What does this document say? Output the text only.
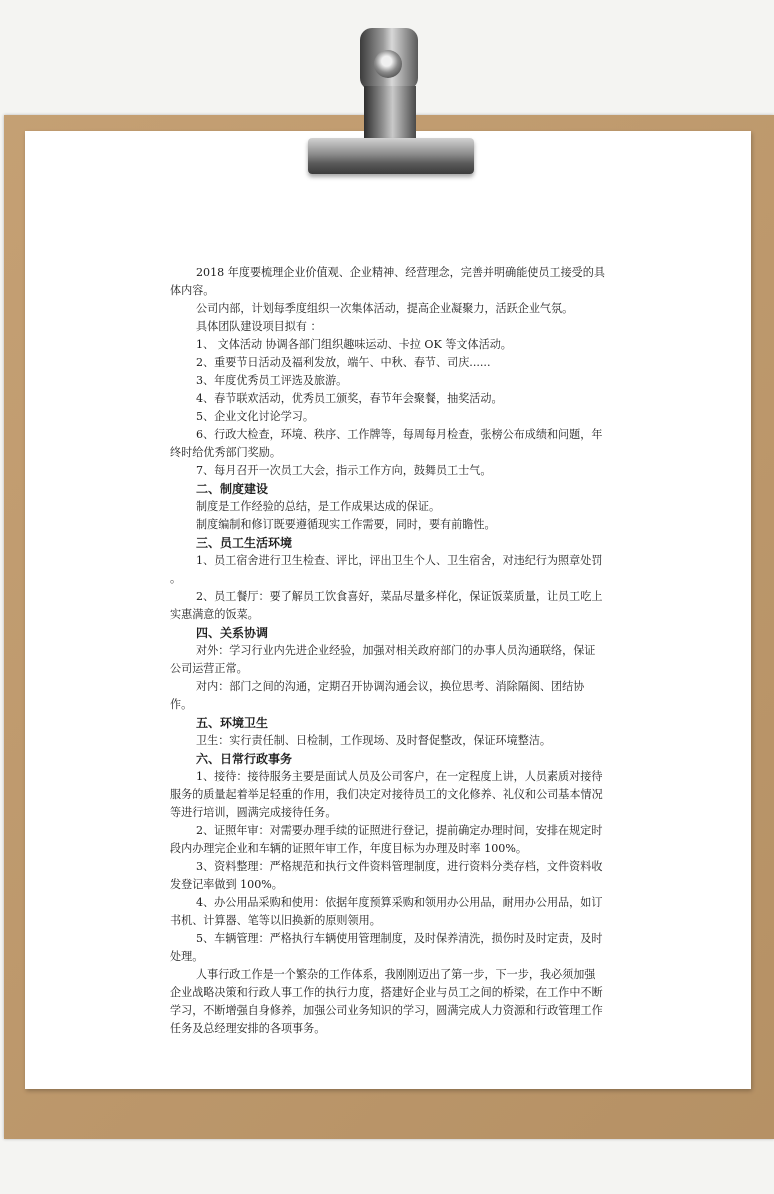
2018 年度要梳理企业价值观、企业精神、经营理念，完善并明确能使员工接受的具体内容。

公司内部，计划每季度组织一次集体活动，提高企业凝聚力，活跃企业气氛。

具体团队建设项目拟有 ：

1、 文体活动 协调各部门组织趣味运动、卡拉 OK 等文体活动。

2、重要节日活动及福利发放，端午、中秋、春节、司庆......

3、年度优秀员工评选及旅游。

4、春节联欢活动，优秀员工颁奖，春节年会聚餐，抽奖活动。

5、企业文化讨论学习。

6、行政大检查，环境、秩序、工作牌等，每周每月检查，张榜公布成绩和问题，年终时给优秀部门奖励。

7、每月召开一次员工大会，指示工作方向，鼓舞员工士气。

二、制度建设

制度是工作经验的总结，是工作成果达成的保证。

制度编制和修订既要遵循现实工作需要，同时，要有前瞻性。

三、员工生活环境

1、员工宿舍进行卫生检查、评比，评出卫生个人、卫生宿舍，对违纪行为照章处罚 。

2、员工餐厅：要了解员工饮食喜好，菜品尽量多样化，保证饭菜质量，让员工吃上实惠满意的饭菜。

四、关系协调

对外：学习行业内先进企业经验，加强对相关政府部门的办事人员沟通联络，保证公司运营正常。

对内：部门之间的沟通，定期召开协调沟通会议，换位思考、消除隔阂、团结协作。

五、环境卫生

卫生：实行责任制、日检制，工作现场、及时督促整改，保证环境整洁。

六、日常行政事务

1、接待：接待服务主要是面试人员及公司客户，在一定程度上讲，人员素质对接待服务的质量起着举足轻重的作用，我们决定对接待员工的文化修养、礼仪和公司基本情况等进行培训，圆满完成接待任务。

2、证照年审：对需要办理手续的证照进行登记，提前确定办理时间，安排在规定时段内办理完企业和车辆的证照年审工作，年度目标为办理及时率 100%。

3、资料整理：严格规范和执行文件资料管理制度，进行资料分类存档，文件资料收发登记率做到 100%。

4、办公用品采购和使用：依据年度预算采购和领用办公用品，耐用办公用品，如订书机、计算器、笔等以旧换新的原则领用。

5、车辆管理：严格执行车辆使用管理制度，及时保养清洗，损伤时及时定责，及时处理。

人事行政工作是一个繁杂的工作体系，我刚刚迈出了第一步，下一步，我必须加强企业战略决策和行政人事工作的执行力度，搭建好企业与员工之间的桥梁，在工作中不断学习，不断增强自身修养，加强公司业务知识的学习，圆满完成人力资源和行政管理工作任务及总经理安排的各项事务。
